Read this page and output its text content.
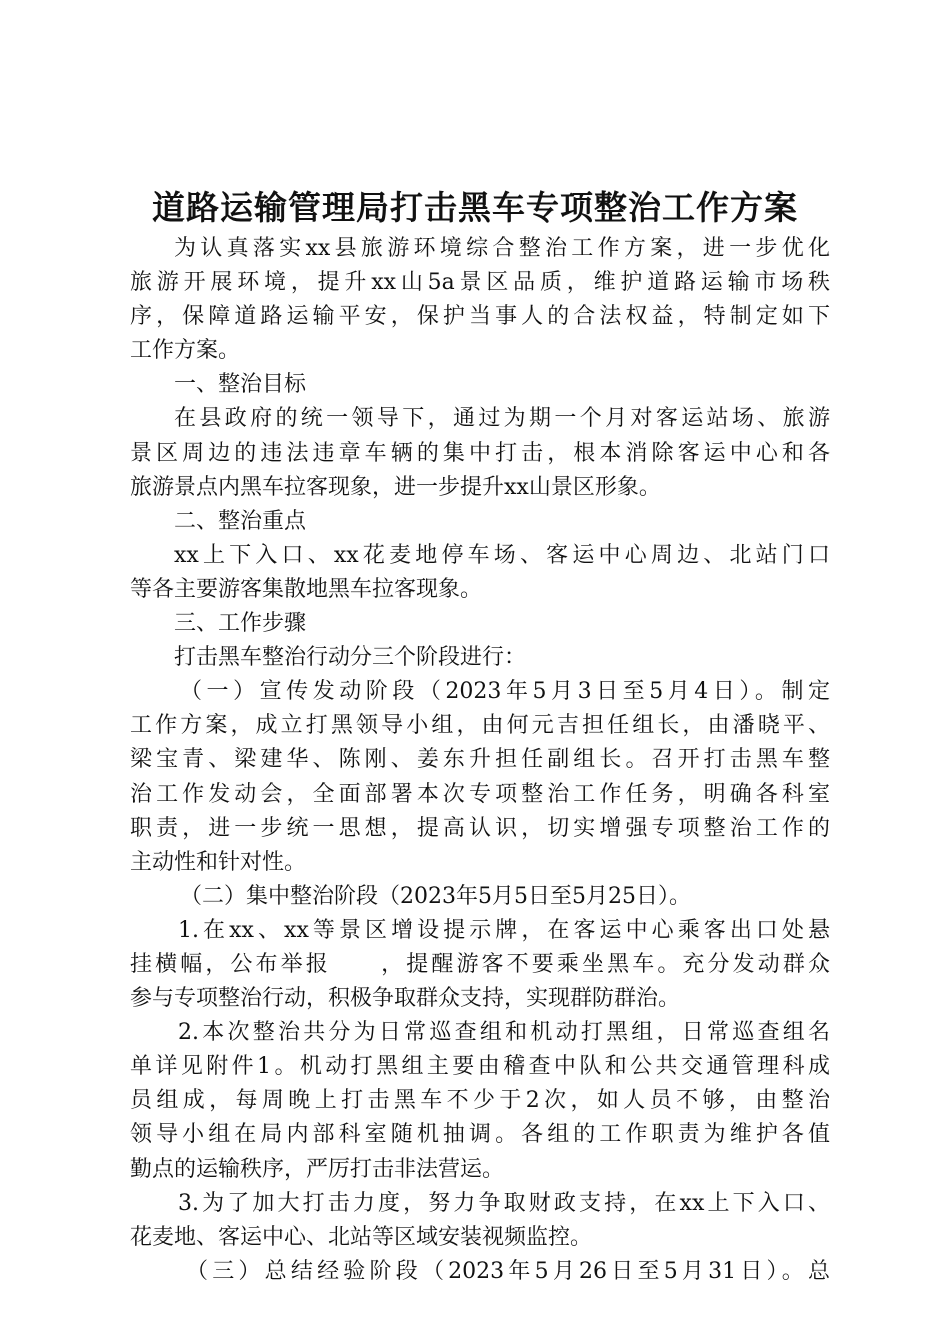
道路运输管理局打击黑车专项整治工作方案
为认真落实xx县旅游环境综合整治工作方案，进一步优化
旅游开展环境，提升xx山5a景区品质，维护道路运输市场秩
序，保障道路运输平安，保护当事人的合法权益，特制定如下
工作方案。
一、整治目标
在县政府的统一领导下，通过为期一个月对客运站场、旅游
景区周边的违法违章车辆的集中打击，根本消除客运中心和各
旅游景点内黑车拉客现象，进一步提升xx山景区形象。
二、整治重点
xx上下入口、xx花麦地停车场、客运中心周边、北站门口
等各主要游客集散地黑车拉客现象。
三、工作步骤
打击黑车整治行动分三个阶段进行：
（一）宣传发动阶段（2023年5月3日至5月4日）。制定
工作方案，成立打黑领导小组，由何元吉担任组长，由潘晓平、
梁宝青、梁建华、陈刚、姜东升担任副组长。召开打击黑车整
治工作发动会，全面部署本次专项整治工作任务，明确各科室
职责，进一步统一思想，提高认识，切实增强专项整治工作的
主动性和针对性。
（二）集中整治阶段（2023年5月5日至5月25日）。
1.在xx、xx等景区增设提示牌，在客运中心乘客出口处悬
挂横幅，公布举报　　，提醒游客不要乘坐黑车。充分发动群众
参与专项整治行动，积极争取群众支持，实现群防群治。
2.本次整治共分为日常巡查组和机动打黑组，日常巡查组名
单详见附件1。机动打黑组主要由稽查中队和公共交通管理科成
员组成，每周晚上打击黑车不少于2次，如人员不够，由整治
领导小组在局内部科室随机抽调。各组的工作职责为维护各值
勤点的运输秩序，严厉打击非法营运。
3.为了加大打击力度，努力争取财政支持，在xx上下入口、
花麦地、客运中心、北站等区域安装视频监控。
（三）总结经验阶段（2023年5月26日至5月31日）。总
